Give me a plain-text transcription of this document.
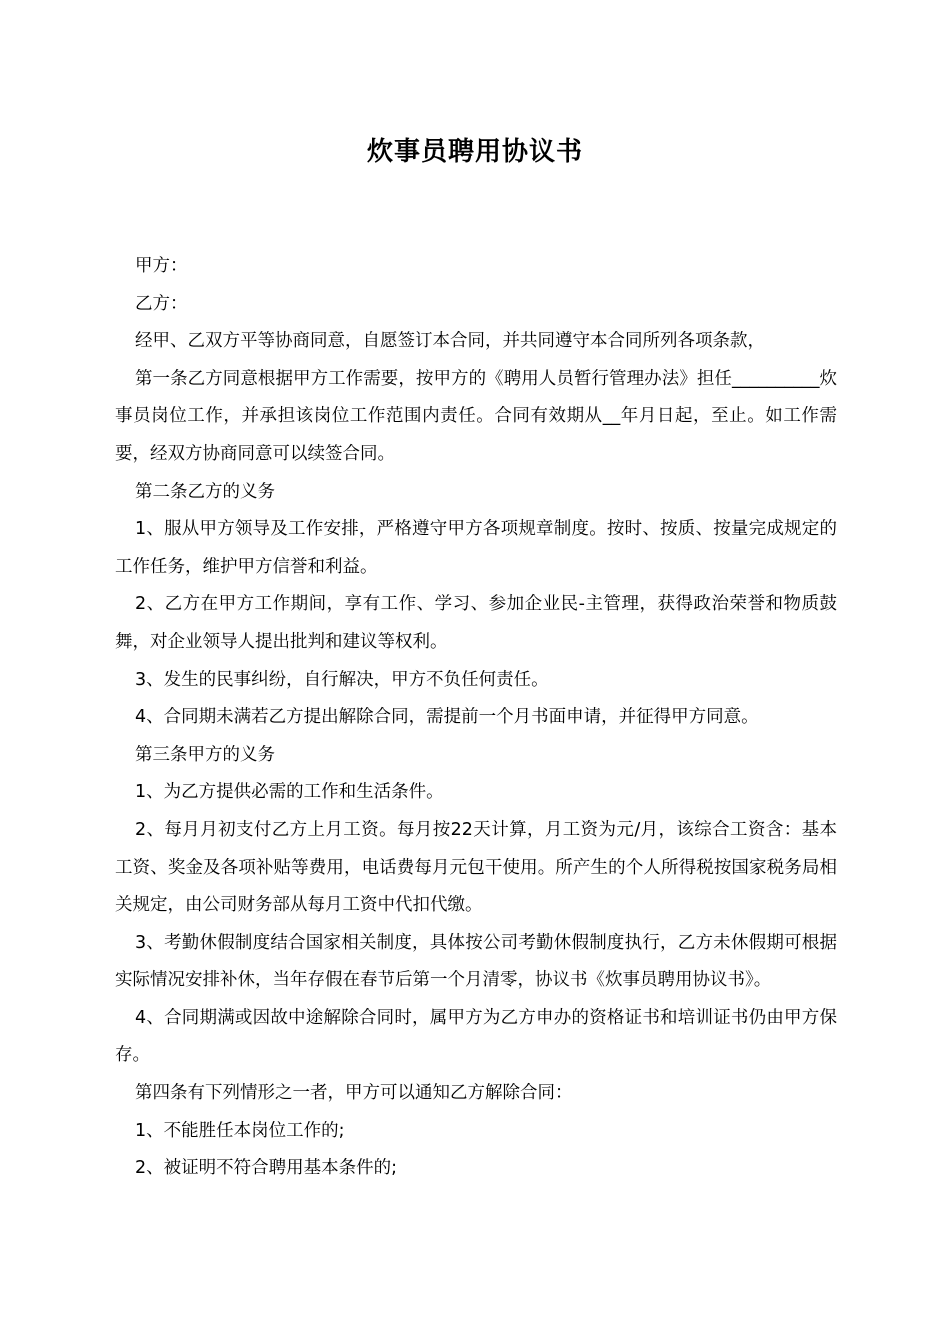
炊事员聘用协议书

甲方：

乙方：

经甲、乙双方平等协商同意，自愿签订本合同，并共同遵守本合同所列各项条款，

第一条乙方同意根据甲方工作需要，按甲方的《聘用人员暂行管理办法》担任__________炊事员岗位工作，并承担该岗位工作范围内责任。合同有效期从__年月日起，至止。如工作需要，经双方协商同意可以续签合同。

第二条乙方的义务

1、服从甲方领导及工作安排，严格遵守甲方各项规章制度。按时、按质、按量完成规定的工作任务，维护甲方信誉和利益。

2、乙方在甲方工作期间，享有工作、学习、参加企业民-主管理，获得政治荣誉和物质鼓舞，对企业领导人提出批判和建议等权利。

3、发生的民事纠纷，自行解决，甲方不负任何责任。

4、合同期未满若乙方提出解除合同，需提前一个月书面申请，并征得甲方同意。

第三条甲方的义务

1、为乙方提供必需的工作和生活条件。

2、每月月初支付乙方上月工资。每月按22天计算，月工资为元/月，该综合工资含：基本工资、奖金及各项补贴等费用，电话费每月元包干使用。所产生的个人所得税按国家税务局相关规定，由公司财务部从每月工资中代扣代缴。

3、考勤休假制度结合国家相关制度，具体按公司考勤休假制度执行，乙方未休假期可根据实际情况安排补休，当年存假在春节后第一个月清零，协议书《炊事员聘用协议书》。

4、合同期满或因故中途解除合同时，属甲方为乙方申办的资格证书和培训证书仍由甲方保存。

第四条有下列情形之一者，甲方可以通知乙方解除合同：

1、不能胜任本岗位工作的;

2、被证明不符合聘用基本条件的;
